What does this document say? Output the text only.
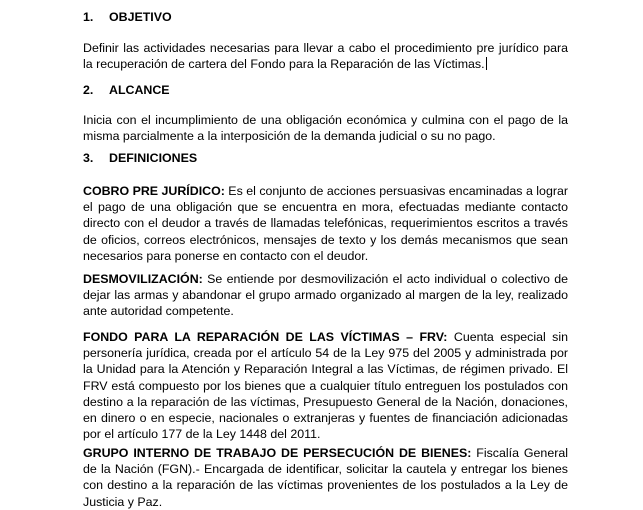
1. OBJETIVO

Definir las actividades necesarias para llevar a cabo el procedimiento pre jurídico para la recuperación de cartera del Fondo para la Reparación de las Víctimas.

2. ALCANCE

Inicia con el incumplimiento de una obligación económica y culmina con el pago de la misma parcialmente a la interposición de la demanda judicial o su no pago.

3. DEFINICIONES

COBRO PRE JURÍDICO: Es el conjunto de acciones persuasivas encaminadas a lograr el pago de una obligación que se encuentra en mora, efectuadas mediante contacto directo con el deudor a través de llamadas telefónicas, requerimientos escritos a través de oficios, correos electrónicos, mensajes de texto y los demás mecanismos que sean necesarios para ponerse en contacto con el deudor.

DESMOVILIZACIÓN: Se entiende por desmovilización el acto individual o colectivo de dejar las armas y abandonar el grupo armado organizado al margen de la ley, realizado ante autoridad competente.

FONDO PARA LA REPARACIÓN DE LAS VÍCTIMAS – FRV: Cuenta especial sin personería jurídica, creada por el artículo 54 de la Ley 975 del 2005 y administrada por la Unidad para la Atención y Reparación Integral a las Víctimas, de régimen privado. El FRV está compuesto por los bienes que a cualquier título entreguen los postulados con destino a la reparación de las víctimas, Presupuesto General de la Nación, donaciones, en dinero o en especie, nacionales o extranjeras y fuentes de financiación adicionadas por el artículo 177 de la Ley 1448 del 2011.

GRUPO INTERNO DE TRABAJO DE PERSECUCIÓN DE BIENES: Fiscalía General de la Nación (FGN).- Encargada de identificar, solicitar la cautela y entregar los bienes con destino a la reparación de las víctimas provenientes de los postulados a la Ley de Justicia y Paz.
